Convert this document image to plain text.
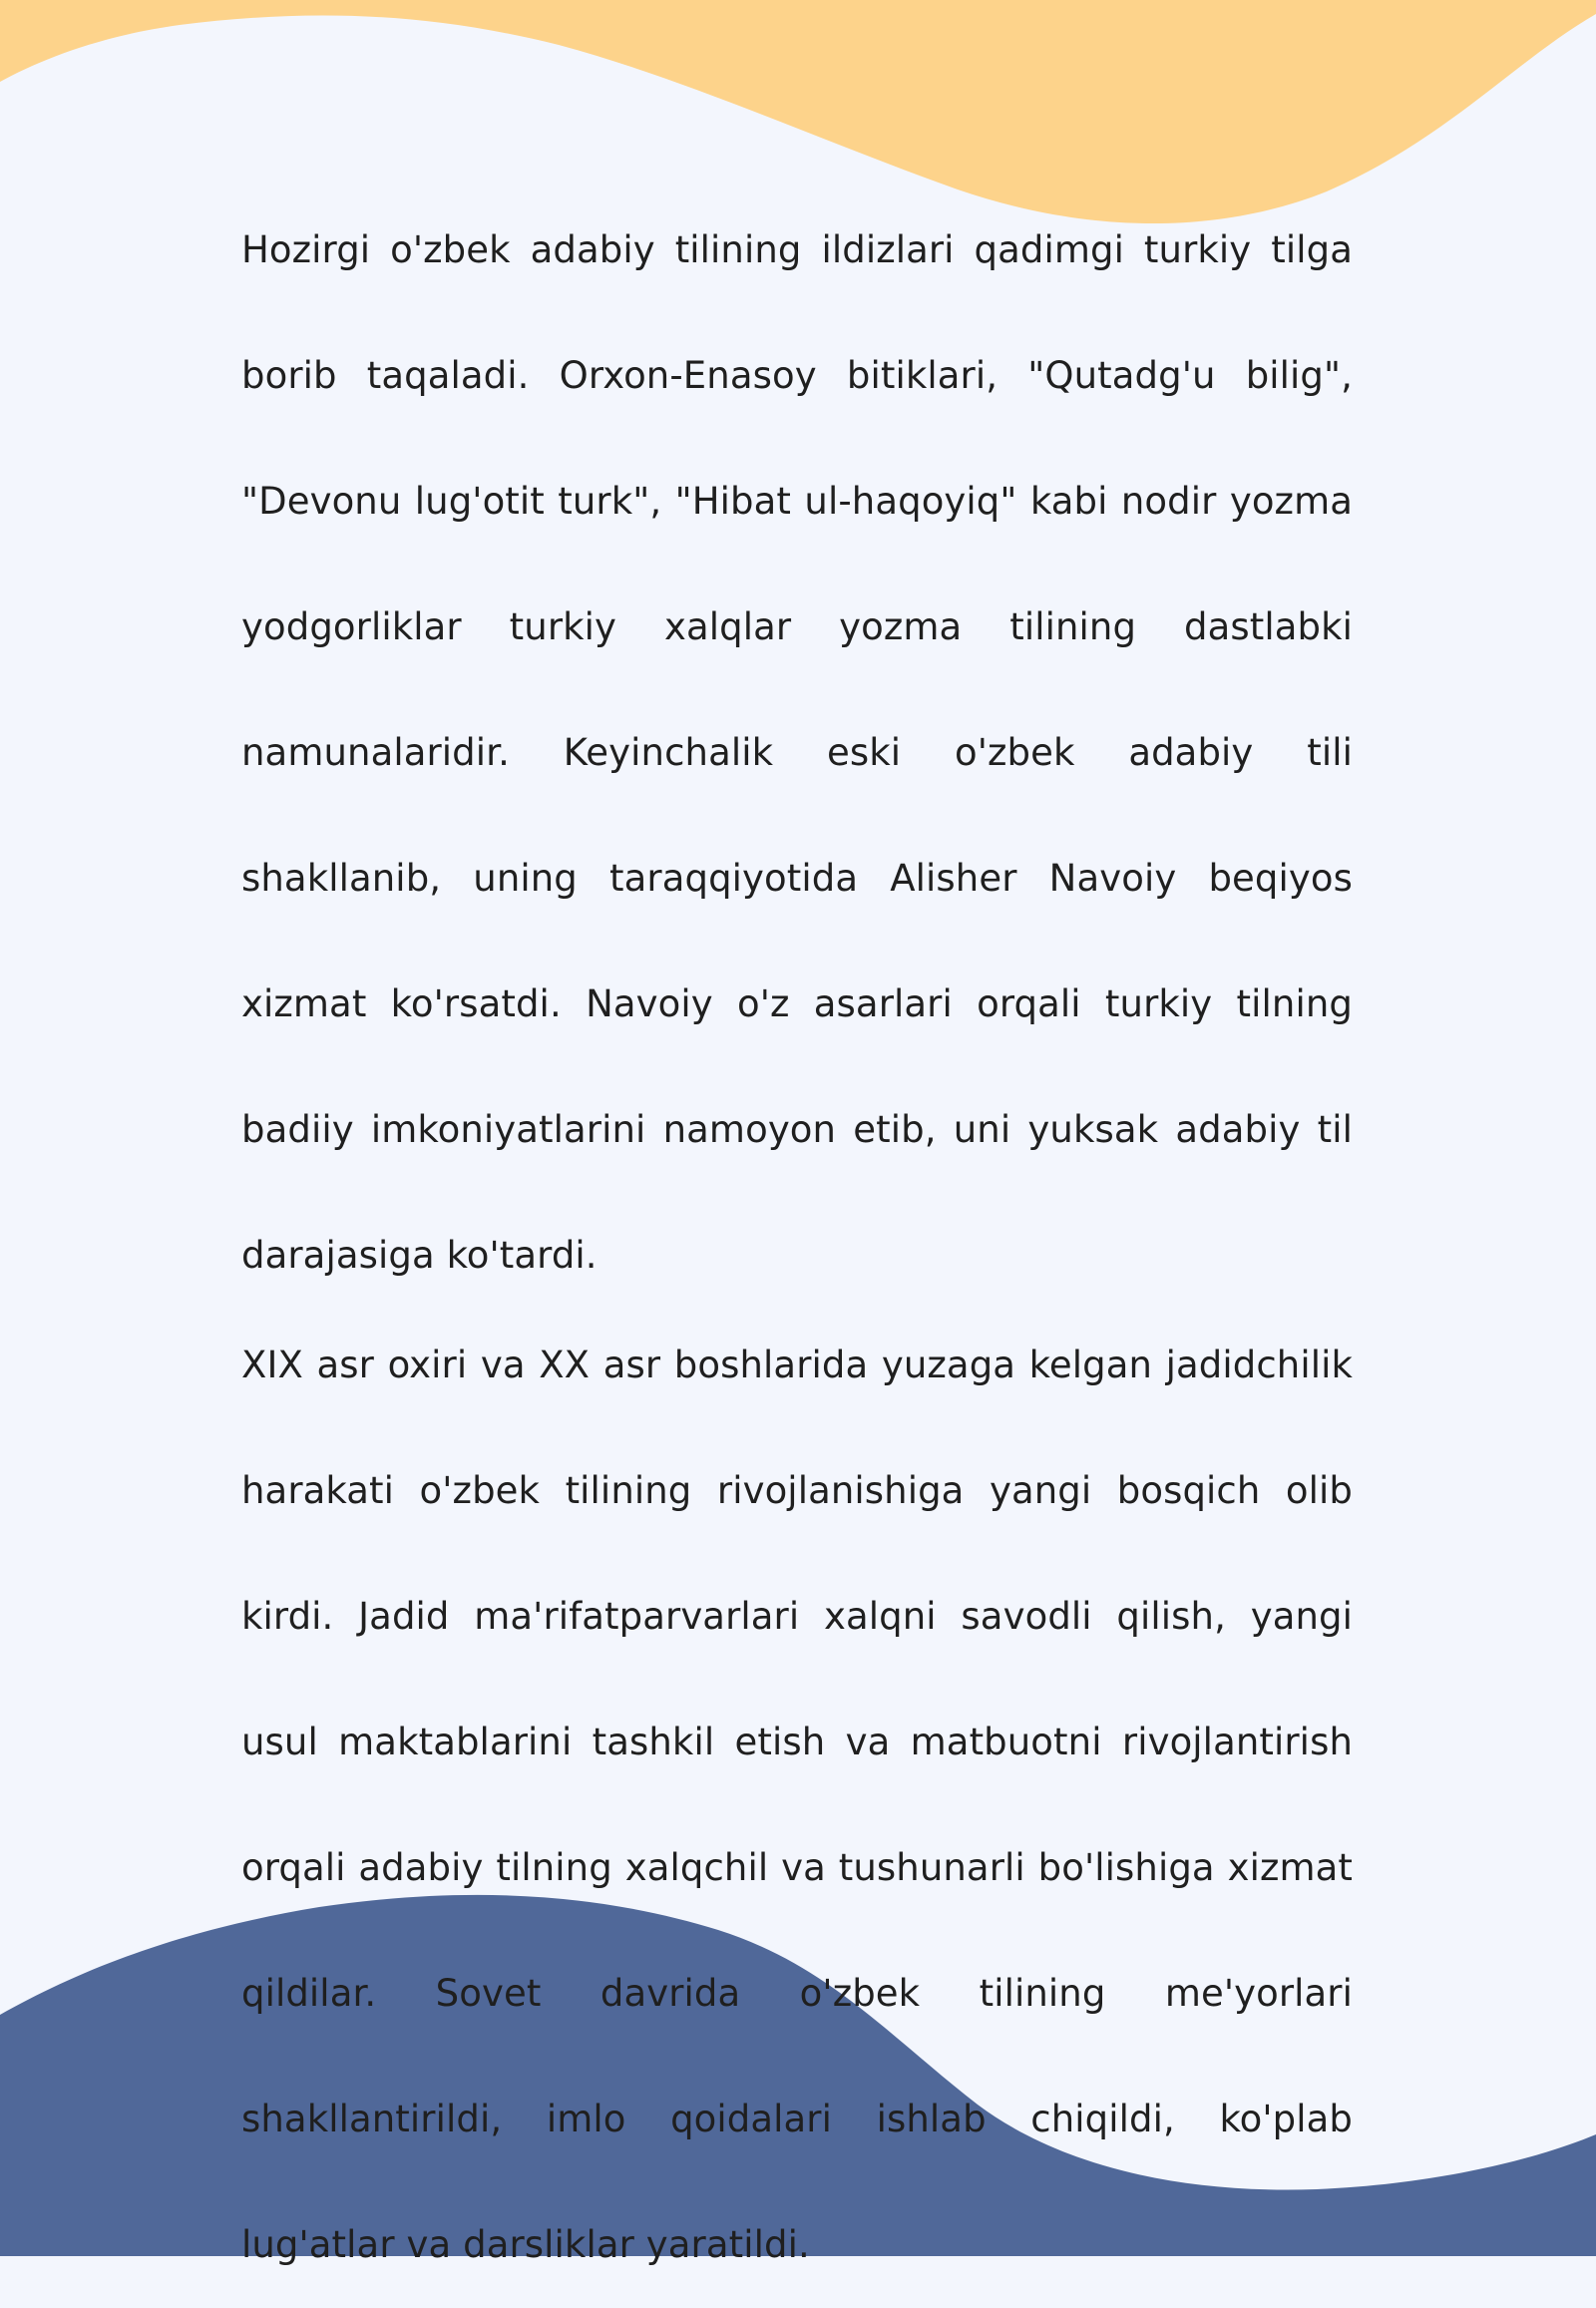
Hozirgi o'zbek adabiy tilining ildizlari qadimgi turkiy tilga borib taqaladi. Orxon-Enasoy bitiklari, "Qutadg'u bilig", "Devonu lug'otit turk", "Hibat ul-haqoyiq" kabi nodir yozma yodgorliklar turkiy xalqlar yozma tilining dastlabki namunalaridir. Keyinchalik eski o'zbek adabiy tili shakllanib, uning taraqqiyotida Alisher Navoiy beqiyos xizmat ko'rsatdi. Navoiy o'z asarlari orqali turkiy tilning badiiy imkoniyatlarini namoyon etib, uni yuksak adabiy til darajasiga ko'tardi.

XIX asr oxiri va XX asr boshlarida yuzaga kelgan jadidchilik harakati o'zbek tilining rivojlanishiga yangi bosqich olib kirdi. Jadid ma'rifatparvarlari xalqni savodli qilish, yangi usul maktablarini tashkil etish va matbuotni rivojlantirish orqali adabiy tilning xalqchil va tushunarli bo'lishiga xizmat qildilar. Sovet davrida o'zbek tilining me'yorlari shakllantirildi, imlo qoidalari ishlab chiqildi, ko'plab lug'atlar va darsliklar yaratildi.
